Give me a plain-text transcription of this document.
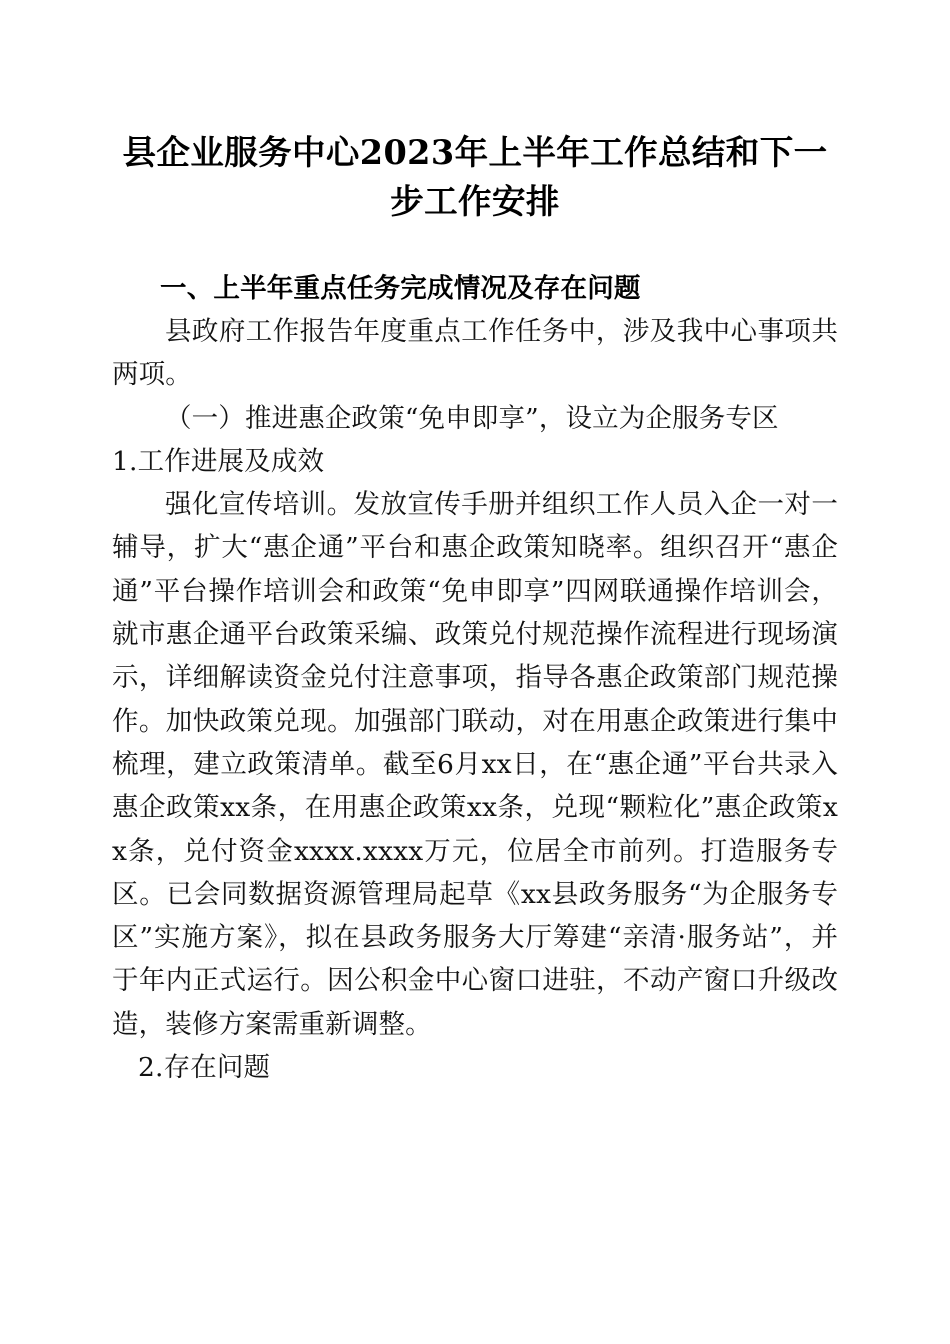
县企业服务中心2023年上半年工作总结和下一步工作安排
一、上半年重点任务完成情况及存在问题

县政府工作报告年度重点工作任务中，涉及我中心事项共两项。

（一）推进惠企政策“免申即享”，设立为企服务专区

1.工作进展及成效

强化宣传培训。发放宣传手册并组织工作人员入企一对一辅导，扩大“惠企通”平台和惠企政策知晓率。组织召开“惠企通”平台操作培训会和政策“免申即享”四网联通操作培训会，就市惠企通平台政策采编、政策兑付规范操作流程进行现场演示，详细解读资金兑付注意事项，指导各惠企政策部门规范操作。加快政策兑现。加强部门联动，对在用惠企政策进行集中梳理，建立政策清单。截至6月xx日，在“惠企通”平台共录入惠企政策xx条，在用惠企政策xx条，兑现“颗粒化”惠企政策xx条，兑付资金xxxx.xxxx万元，位居全市前列。打造服务专区。已会同数据资源管理局起草《xx县政务服务“为企服务专区”实施方案》，拟在县政务服务大厅筹建“亲清·服务站”，并于年内正式运行。因公积金中心窗口进驻，不动产窗口升级改造，装修方案需重新调整。

2.存在问题
